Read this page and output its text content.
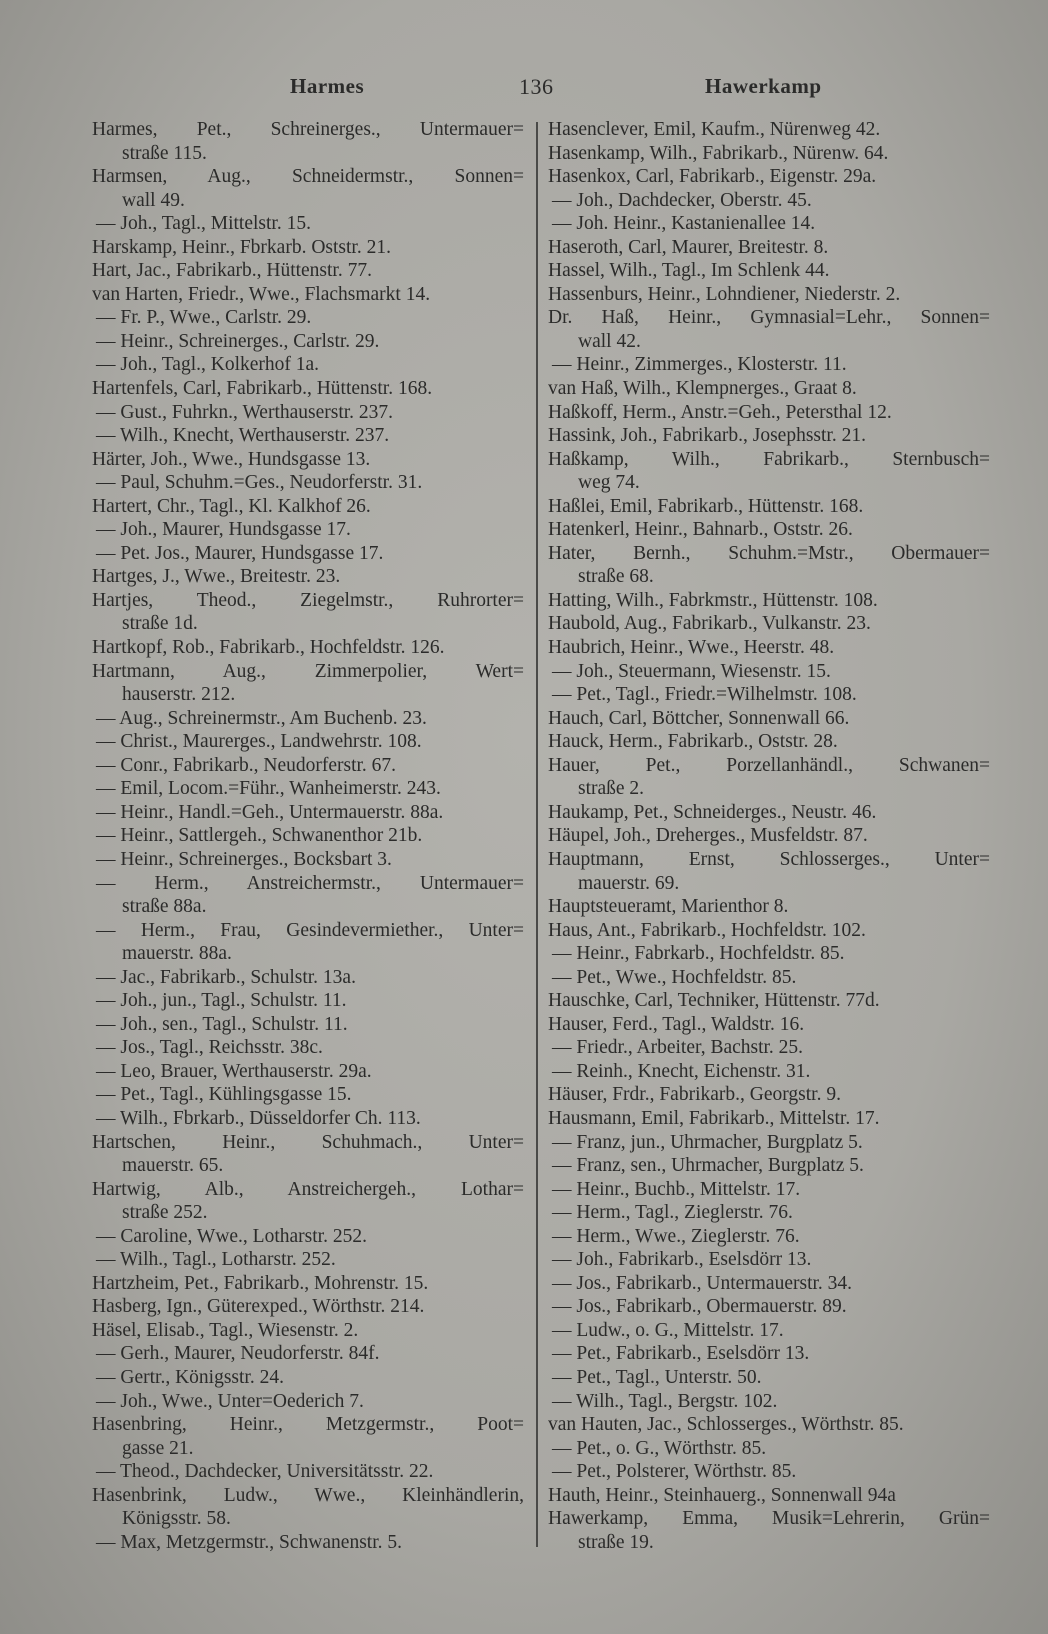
Harmes	136	Hawerkamp
Harmes, Pet., Schreinerges., Untermauer=
straße 115.
Harmsen, Aug., Schneidermstr., Sonnen=
wall 49.
— Joh., Tagl., Mittelstr. 15.
Harskamp, Heinr., Fbrkarb. Oststr. 21.
Hart, Jac., Fabrikarb., Hüttenstr. 77.
van Harten, Friedr., Wwe., Flachsmarkt 14.
— Fr. P., Wwe., Carlstr. 29.
— Heinr., Schreinerges., Carlstr. 29.
— Joh., Tagl., Kolkerhof 1a.
Hartenfels, Carl, Fabrikarb., Hüttenstr. 168.
— Gust., Fuhrkn., Werthauserstr. 237.
— Wilh., Knecht, Werthauserstr. 237.
Härter, Joh., Wwe., Hundsgasse 13.
— Paul, Schuhm.=Ges., Neudorferstr. 31.
Hartert, Chr., Tagl., Kl. Kalkhof 26.
— Joh., Maurer, Hundsgasse 17.
— Pet. Jos., Maurer, Hundsgasse 17.
Hartges, J., Wwe., Breitestr. 23.
Hartjes, Theod., Ziegelmstr., Ruhrorter=
straße 1d.
Hartkopf, Rob., Fabrikarb., Hochfeldstr. 126.
Hartmann, Aug., Zimmerpolier, Wert=
hauserstr. 212.
— Aug., Schreinermstr., Am Buchenb. 23.
— Christ., Maurerges., Landwehrstr. 108.
— Conr., Fabrikarb., Neudorferstr. 67.
— Emil, Locom.=Führ., Wanheimerstr. 243.
— Heinr., Handl.=Geh., Untermauerstr. 88a.
— Heinr., Sattlergeh., Schwanenthor 21b.
— Heinr., Schreinerges., Bocksbart 3.
— Herm., Anstreichermstr., Untermauer=
straße 88a.
— Herm., Frau, Gesindevermiether., Unter=
mauerstr. 88a.
— Jac., Fabrikarb., Schulstr. 13a.
— Joh., jun., Tagl., Schulstr. 11.
— Joh., sen., Tagl., Schulstr. 11.
— Jos., Tagl., Reichsstr. 38c.
— Leo, Brauer, Werthauserstr. 29a.
— Pet., Tagl., Kühlingsgasse 15.
— Wilh., Fbrkarb., Düsseldorfer Ch. 113.
Hartschen, Heinr., Schuhmach., Unter=
mauerstr. 65.
Hartwig, Alb., Anstreichergeh., Lothar=
straße 252.
— Caroline, Wwe., Lotharstr. 252.
— Wilh., Tagl., Lotharstr. 252.
Hartzheim, Pet., Fabrikarb., Mohrenstr. 15.
Hasberg, Ign., Güterexped., Wörthstr. 214.
Häsel, Elisab., Tagl., Wiesenstr. 2.
— Gerh., Maurer, Neudorferstr. 84f.
— Gertr., Königsstr. 24.
— Joh., Wwe., Unter=Oederich 7.
Hasenbring, Heinr., Metzgermstr., Poot=
gasse 21.
— Theod., Dachdecker, Universitätsstr. 22.
Hasenbrink, Ludw., Wwe., Kleinhändlerin,
Königsstr. 58.
— Max, Metzgermstr., Schwanenstr. 5.
Hasenclever, Emil, Kaufm., Nürenweg 42.
Hasenkamp, Wilh., Fabrikarb., Nürenw. 64.
Hasenkox, Carl, Fabrikarb., Eigenstr. 29a.
— Joh., Dachdecker, Oberstr. 45.
— Joh. Heinr., Kastanienallee 14.
Haseroth, Carl, Maurer, Breitestr. 8.
Hassel, Wilh., Tagl., Im Schlenk 44.
Hassenburs, Heinr., Lohndiener, Niederstr. 2.
Dr. Haß, Heinr., Gymnasial=Lehr., Sonnen=
wall 42.
— Heinr., Zimmerges., Klosterstr. 11.
van Haß, Wilh., Klempnerges., Graat 8.
Haßkoff, Herm., Anstr.=Geh., Petersthal 12.
Hassink, Joh., Fabrikarb., Josephsstr. 21.
Haßkamp, Wilh., Fabrikarb., Sternbusch=
weg 74.
Haßlei, Emil, Fabrikarb., Hüttenstr. 168.
Hatenkerl, Heinr., Bahnarb., Oststr. 26.
Hater, Bernh., Schuhm.=Mstr., Obermauer=
straße 68.
Hatting, Wilh., Fabrkmstr., Hüttenstr. 108.
Haubold, Aug., Fabrikarb., Vulkanstr. 23.
Haubrich, Heinr., Wwe., Heerstr. 48.
— Joh., Steuermann, Wiesenstr. 15.
— Pet., Tagl., Friedr.=Wilhelmstr. 108.
Hauch, Carl, Böttcher, Sonnenwall 66.
Hauck, Herm., Fabrikarb., Oststr. 28.
Hauer, Pet., Porzellanhändl., Schwanen=
straße 2.
Haukamp, Pet., Schneiderges., Neustr. 46.
Häupel, Joh., Dreherges., Musfeldstr. 87.
Hauptmann, Ernst, Schlosserges., Unter=
mauerstr. 69.
Hauptsteueramt, Marienthor 8.
Haus, Ant., Fabrikarb., Hochfeldstr. 102.
— Heinr., Fabrkarb., Hochfeldstr. 85.
— Pet., Wwe., Hochfeldstr. 85.
Hauschke, Carl, Techniker, Hüttenstr. 77d.
Hauser, Ferd., Tagl., Waldstr. 16.
— Friedr., Arbeiter, Bachstr. 25.
— Reinh., Knecht, Eichenstr. 31.
Häuser, Frdr., Fabrikarb., Georgstr. 9.
Hausmann, Emil, Fabrikarb., Mittelstr. 17.
— Franz, jun., Uhrmacher, Burgplatz 5.
— Franz, sen., Uhrmacher, Burgplatz 5.
— Heinr., Buchb., Mittelstr. 17.
— Herm., Tagl., Zieglerstr. 76.
— Herm., Wwe., Zieglerstr. 76.
— Joh., Fabrikarb., Eselsdörr 13.
— Jos., Fabrikarb., Untermauerstr. 34.
— Jos., Fabrikarb., Obermauerstr. 89.
— Ludw., o. G., Mittelstr. 17.
— Pet., Fabrikarb., Eselsdörr 13.
— Pet., Tagl., Unterstr. 50.
— Wilh., Tagl., Bergstr. 102.
van Hauten, Jac., Schlosserges., Wörthstr. 85.
— Pet., o. G., Wörthstr. 85.
— Pet., Polsterer, Wörthstr. 85.
Hauth, Heinr., Steinhauerg., Sonnenwall 94a
Hawerkamp, Emma, Musik=Lehrerin, Grün=
straße 19.
